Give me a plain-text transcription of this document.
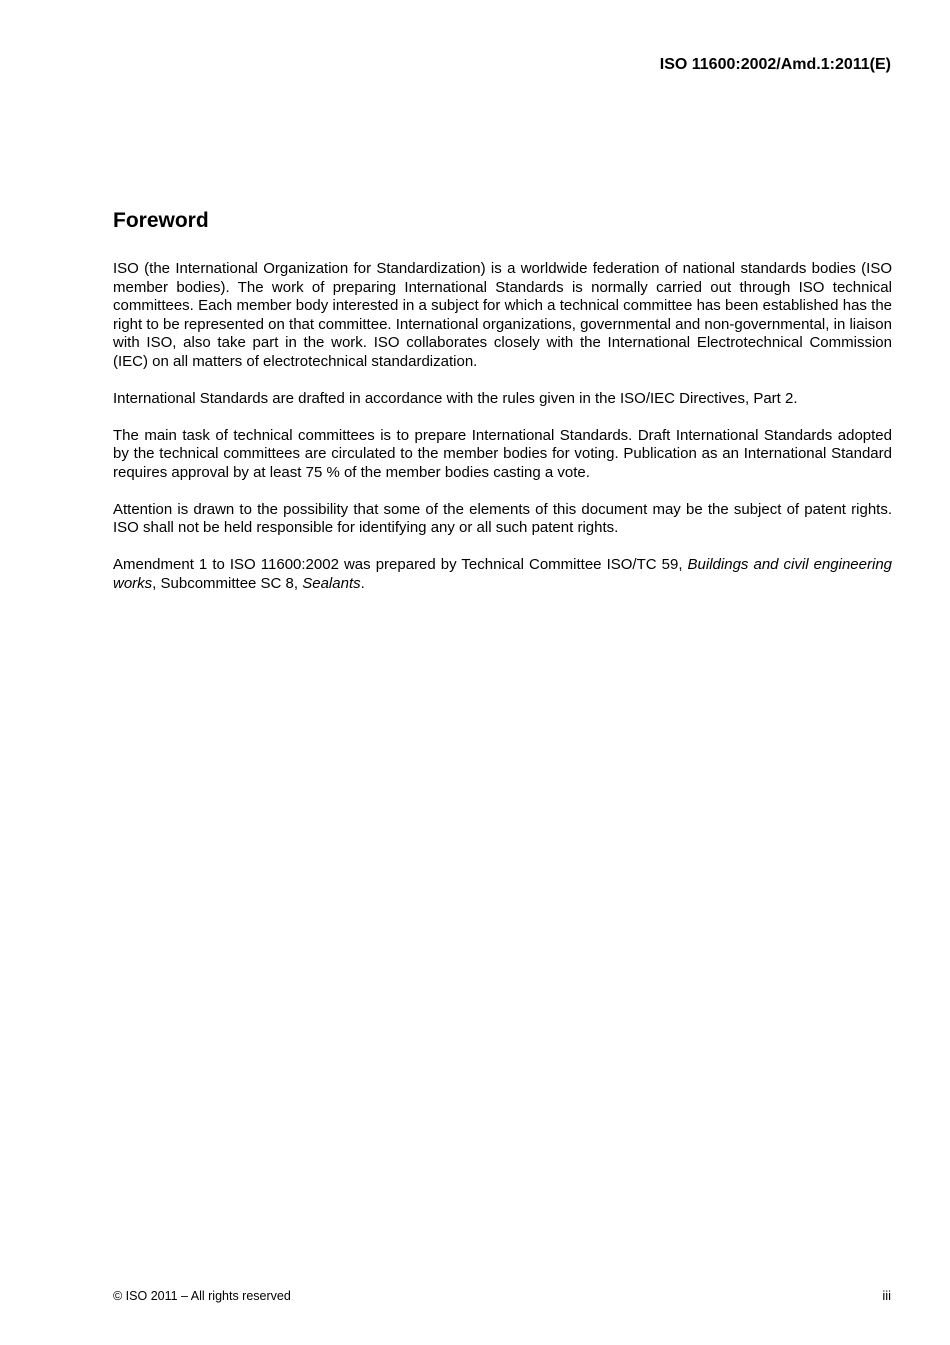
ISO 11600:2002/Amd.1:2011(E)
Foreword

ISO (the International Organization for Standardization) is a worldwide federation of national standards bodies (ISO member bodies). The work of preparing International Standards is normally carried out through ISO technical committees. Each member body interested in a subject for which a technical committee has been established has the right to be represented on that committee. International organizations, governmental and non-governmental, in liaison with ISO, also take part in the work. ISO collaborates closely with the International Electrotechnical Commission (IEC) on all matters of electrotechnical standardization.

International Standards are drafted in accordance with the rules given in the ISO/IEC Directives, Part 2.

The main task of technical committees is to prepare International Standards. Draft International Standards adopted by the technical committees are circulated to the member bodies for voting. Publication as an International Standard requires approval by at least 75 % of the member bodies casting a vote.

Attention is drawn to the possibility that some of the elements of this document may be the subject of patent rights. ISO shall not be held responsible for identifying any or all such patent rights.

Amendment 1 to ISO 11600:2002 was prepared by Technical Committee ISO/TC 59, Buildings and civil engineering works, Subcommittee SC 8, Sealants.

© ISO 2011 – All rights reserved	iii
